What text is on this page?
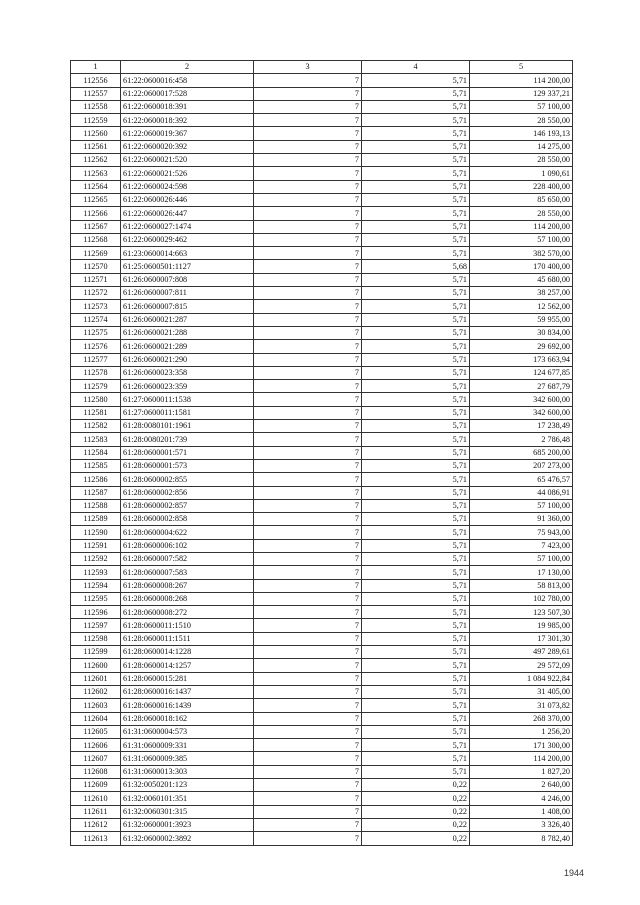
1	2	3	4	5
112556	61:22:0600016:458	7	5,71	114 200,00
112557	61:22:0600017:528	7	5,71	129 337,21
112558	61:22:0600018:391	7	5,71	57 100,00
112559	61:22:0600018:392	7	5,71	28 550,00
112560	61:22:0600019:367	7	5,71	146 193,13
112561	61:22:0600020:392	7	5,71	14 275,00
112562	61:22:0600021:520	7	5,71	28 550,00
112563	61:22:0600021:526	7	5,71	1 090,61
112564	61:22:0600024:598	7	5,71	228 400,00
112565	61:22:0600026:446	7	5,71	85 650,00
112566	61:22:0600026:447	7	5,71	28 550,00
112567	61:22:0600027:1474	7	5,71	114 200,00
112568	61:22:0600029:462	7	5,71	57 100,00
112569	61:23:0600014:663	7	5,71	382 570,00
112570	61:25:0600501:1127	7	5,68	170 400,00
112571	61:26:0600007:808	7	5,71	45 680,00
112572	61:26:0600007:811	7	5,71	38 257,00
112573	61:26:0600007:815	7	5,71	12 562,00
112574	61:26:0600021:287	7	5,71	59 955,00
112575	61:26:0600021:288	7	5,71	30 834,00
112576	61:26:0600021:289	7	5,71	29 692,00
112577	61:26:0600021:290	7	5,71	173 663,94
112578	61:26:0600023:358	7	5,71	124 677,85
112579	61:26:0600023:359	7	5,71	27 687,79
112580	61:27:0600011:1538	7	5,71	342 600,00
112581	61:27:0600011:1581	7	5,71	342 600,00
112582	61:28:0080101:1961	7	5,71	17 238,49
112583	61:28:0080201:739	7	5,71	2 786,48
112584	61:28:0600001:571	7	5,71	685 200,00
112585	61:28:0600001:573	7	5,71	207 273,00
112586	61:28:0600002:855	7	5,71	65 476,57
112587	61:28:0600002:856	7	5,71	44 086,91
112588	61:28:0600002:857	7	5,71	57 100,00
112589	61:28:0600002:858	7	5,71	91 360,00
112590	61:28:0600004:622	7	5,71	75 943,00
112591	61:28:0600006:102	7	5,71	7 423,00
112592	61:28:0600007:582	7	5,71	57 100,00
112593	61:28:0600007:583	7	5,71	17 130,00
112594	61:28:0600008:267	7	5,71	58 813,00
112595	61:28:0600008:268	7	5,71	102 780,00
112596	61:28:0600008:272	7	5,71	123 507,30
112597	61:28:0600011:1510	7	5,71	19 985,00
112598	61:28:0600011:1511	7	5,71	17 301,30
112599	61:28:0600014:1228	7	5,71	497 289,61
112600	61:28:0600014:1257	7	5,71	29 572,09
112601	61:28:0600015:281	7	5,71	1 084 922,84
112602	61:28:0600016:1437	7	5,71	31 405,00
112603	61:28:0600016:1439	7	5,71	31 073,82
112604	61:28:0600018:162	7	5,71	268 370,00
112605	61:31:0600004:573	7	5,71	1 256,20
112606	61:31:0600009:331	7	5,71	171 300,00
112607	61:31:0600009:385	7	5,71	114 200,00
112608	61:31:0600013:303	7	5,71	1 827,20
112609	61:32:0050201:123	7	0,22	2 640,00
112610	61:32:0060101:351	7	0,22	4 246,00
112611	61:32:0060301:315	7	0,22	1 408,00
112612	61:32:0600001:3923	7	0,22	3 326,40
112613	61:32:0600002:3892	7	0,22	8 782,40
1944
